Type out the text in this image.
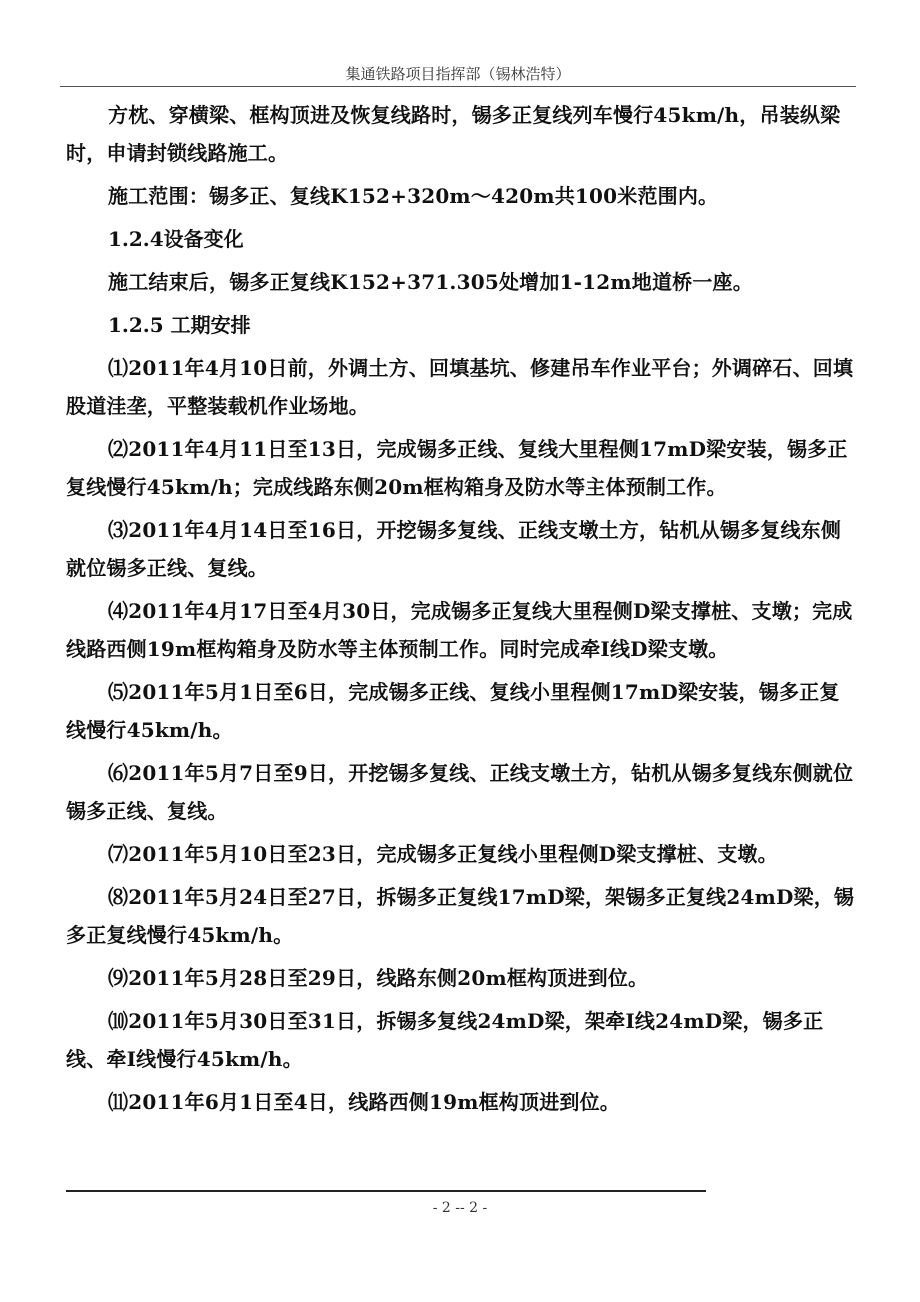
集通铁路项目指挥部（锡林浩特）

方枕、穿横梁、框构顶进及恢复线路时，锡多正复线列车慢行45km/h，吊装纵梁时，申请封锁线路施工。

施工范围：锡多正、复线K152+320m～420m共100米范围内。

1.2.4设备变化

施工结束后，锡多正复线K152+371.305处增加1-12m地道桥一座。

1.2.5 工期安排

⑴2011年4月10日前，外调土方、回填基坑、修建吊车作业平台；外调碎石、回填股道洼垄，平整装载机作业场地。

⑵2011年4月11日至13日，完成锡多正线、复线大里程侧17mD梁安装，锡多正复线慢行45km/h；完成线路东侧20m框构箱身及防水等主体预制工作。

⑶2011年4月14日至16日，开挖锡多复线、正线支墩土方，钻机从锡多复线东侧就位锡多正线、复线。

⑷2011年4月17日至4月30日，完成锡多正复线大里程侧D梁支撑桩、支墩；完成线路西侧19m框构箱身及防水等主体预制工作。同时完成牵Ⅰ线D梁支墩。

⑸2011年5月1日至6日，完成锡多正线、复线小里程侧17mD梁安装，锡多正复线慢行45km/h。

⑹2011年5月7日至9日，开挖锡多复线、正线支墩土方，钻机从锡多复线东侧就位锡多正线、复线。

⑺2011年5月10日至23日，完成锡多正复线小里程侧D梁支撑桩、支墩。

⑻2011年5月24日至27日，拆锡多正复线17mD梁，架锡多正复线24mD梁，锡多正复线慢行45km/h。

⑼2011年5月28日至29日，线路东侧20m框构顶进到位。

⑽2011年5月30日至31日，拆锡多复线24mD梁，架牵Ⅰ线24mD梁，锡多正线、牵Ⅰ线慢行45km/h。

⑾2011年6月1日至4日，线路西侧19m框构顶进到位。

- 2 -- 2 -
